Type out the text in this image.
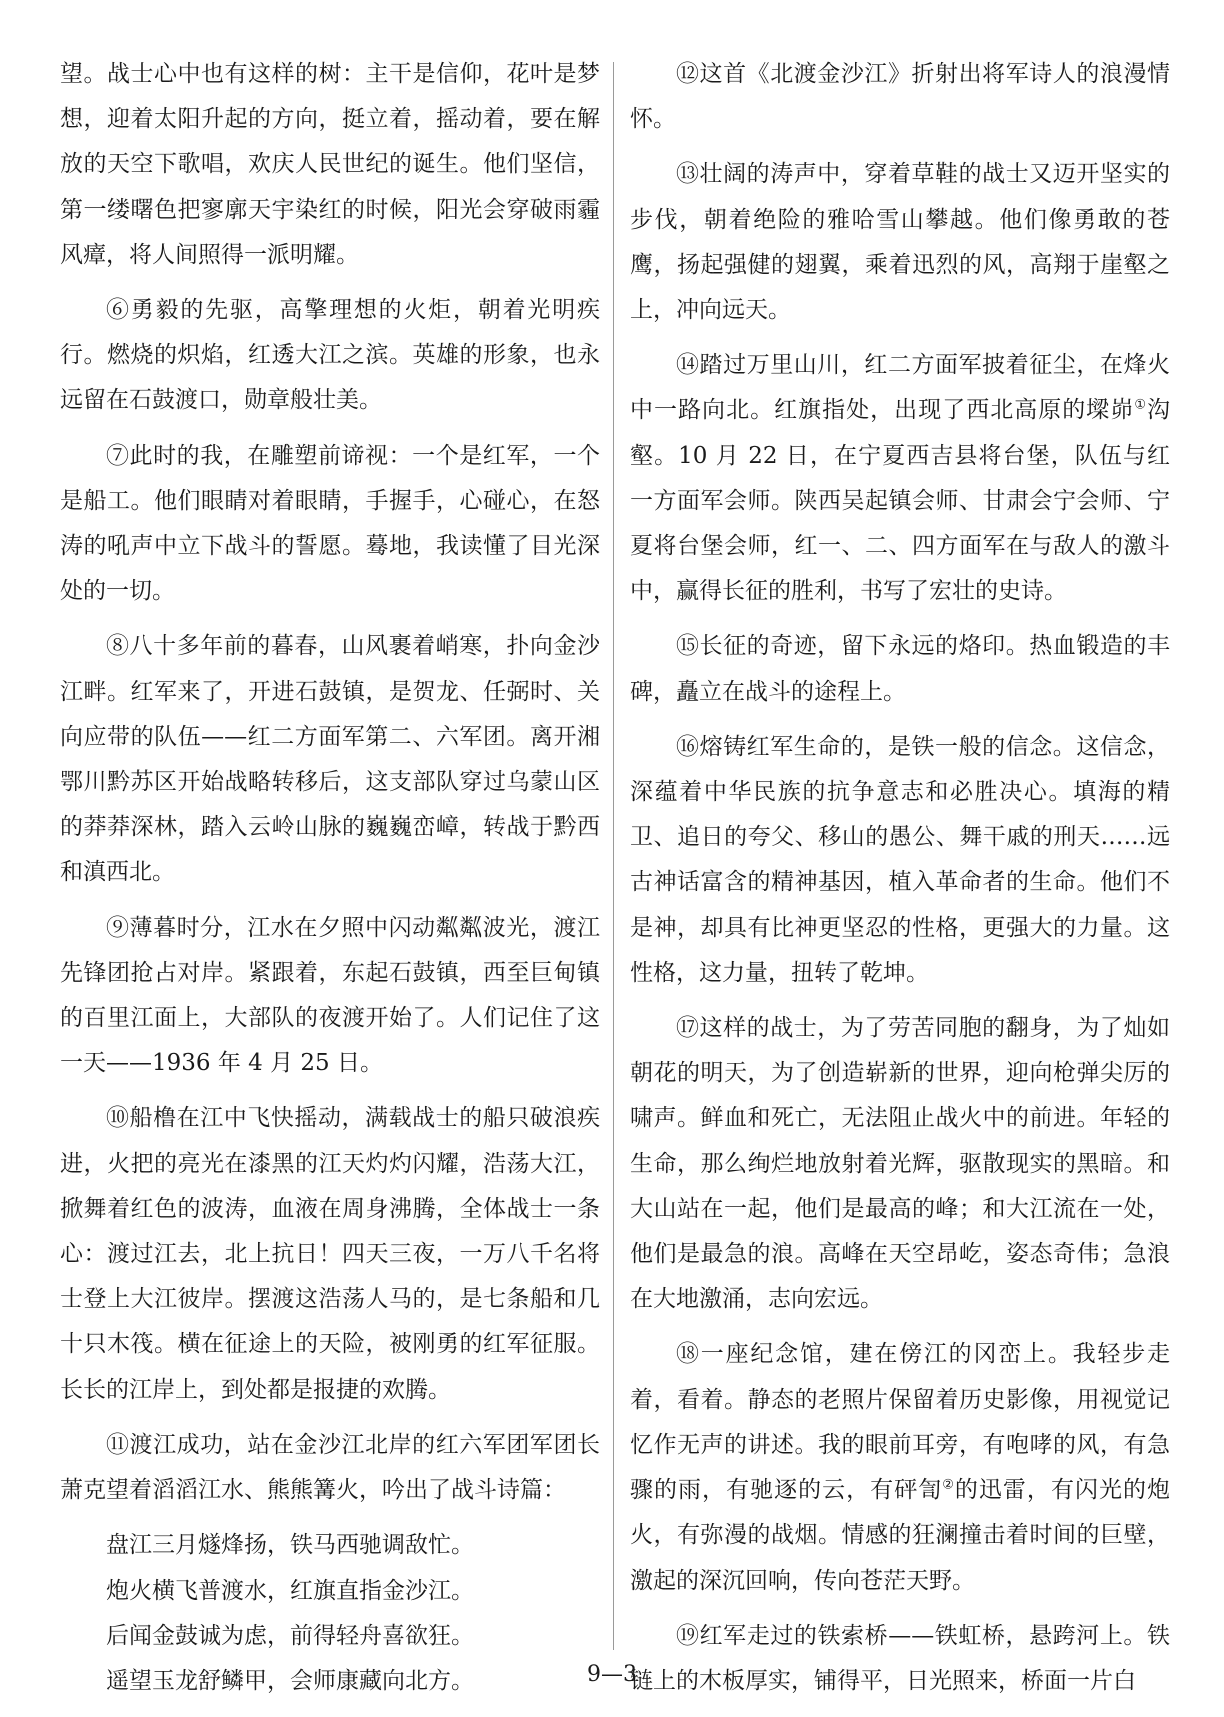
望。战士心中也有这样的树：主干是信仰，花叶是梦想，迎着太阳升起的方向，挺立着，摇动着，要在解放的天空下歌唱，欢庆人民世纪的诞生。他们坚信，第一缕曙色把寥廓天宇染红的时候，阳光会穿破雨霾风瘴，将人间照得一派明耀。

⑥勇毅的先驱，高擎理想的火炬，朝着光明疾行。燃烧的炽焰，红透大江之滨。英雄的形象，也永远留在石鼓渡口，勋章般壮美。

⑦此时的我，在雕塑前谛视：一个是红军，一个是船工。他们眼睛对着眼睛，手握手，心碰心，在怒涛的吼声中立下战斗的誓愿。蓦地，我读懂了目光深处的一切。

⑧八十多年前的暮春，山风裹着峭寒，扑向金沙江畔。红军来了，开进石鼓镇，是贺龙、任弼时、关向应带的队伍——红二方面军第二、六军团。离开湘鄂川黔苏区开始战略转移后，这支部队穿过乌蒙山区的莽莽深林，踏入云岭山脉的巍巍峦嶂，转战于黔西和滇西北。

⑨薄暮时分，江水在夕照中闪动粼粼波光，渡江先锋团抢占对岸。紧跟着，东起石鼓镇，西至巨甸镇的百里江面上，大部队的夜渡开始了。人们记住了这一天——1936 年 4 月 25 日。

⑩船橹在江中飞快摇动，满载战士的船只破浪疾进，火把的亮光在漆黑的江天灼灼闪耀，浩荡大江，掀舞着红色的波涛，血液在周身沸腾，全体战士一条心：渡过江去，北上抗日！四天三夜，一万八千名将士登上大江彼岸。摆渡这浩荡人马的，是七条船和几十只木筏。横在征途上的天险，被刚勇的红军征服。长长的江岸上，到处都是报捷的欢腾。

⑪渡江成功，站在金沙江北岸的红六军团军团长萧克望着滔滔江水、熊熊篝火，吟出了战斗诗篇：

盘江三月燧烽扬，铁马西驰调敌忙。

炮火横飞普渡水，红旗直指金沙江。

后闻金鼓诚为虑，前得轻舟喜欲狂。

遥望玉龙舒鳞甲，会师康藏向北方。

⑫这首《北渡金沙江》折射出将军诗人的浪漫情怀。

⑬壮阔的涛声中，穿着草鞋的战士又迈开坚实的步伐，朝着绝险的雅哈雪山攀越。他们像勇敢的苍鹰，扬起强健的翅翼，乘着迅烈的风，高翔于崖壑之上，冲向远天。

⑭踏过万里山川，红二方面军披着征尘，在烽火中一路向北。红旗指处，出现了西北高原的墚峁①沟壑。10 月 22 日，在宁夏西吉县将台堡，队伍与红一方面军会师。陕西吴起镇会师、甘肃会宁会师、宁夏将台堡会师，红一、二、四方面军在与敌人的激斗中，赢得长征的胜利，书写了宏壮的史诗。

⑮长征的奇迹，留下永远的烙印。热血锻造的丰碑，矗立在战斗的途程上。

⑯熔铸红军生命的，是铁一般的信念。这信念，深蕴着中华民族的抗争意志和必胜决心。填海的精卫、追日的夸父、移山的愚公、舞干戚的刑天……远古神话富含的精神基因，植入革命者的生命。他们不是神，却具有比神更坚忍的性格，更强大的力量。这性格，这力量，扭转了乾坤。

⑰这样的战士，为了劳苦同胞的翻身，为了灿如朝花的明天，为了创造崭新的世界，迎向枪弹尖厉的啸声。鲜血和死亡，无法阻止战火中的前进。年轻的生命，那么绚烂地放射着光辉，驱散现实的黑暗。和大山站在一起，他们是最高的峰；和大江流在一处，他们是最急的浪。高峰在天空昂屹，姿态奇伟；急浪在大地激涌，志向宏远。

⑱一座纪念馆，建在傍江的冈峦上。我轻步走着，看着。静态的老照片保留着历史影像，用视觉记忆作无声的讲述。我的眼前耳旁，有咆哮的风，有急骤的雨，有驰逐的云，有砰訇②的迅雷，有闪光的炮火，有弥漫的战烟。情感的狂澜撞击着时间的巨壁，激起的深沉回响，传向苍茫天野。

⑲红军走过的铁索桥——铁虹桥，悬跨河上。铁链上的木板厚实，铺得平，日光照来，桥面一片白

9—3
